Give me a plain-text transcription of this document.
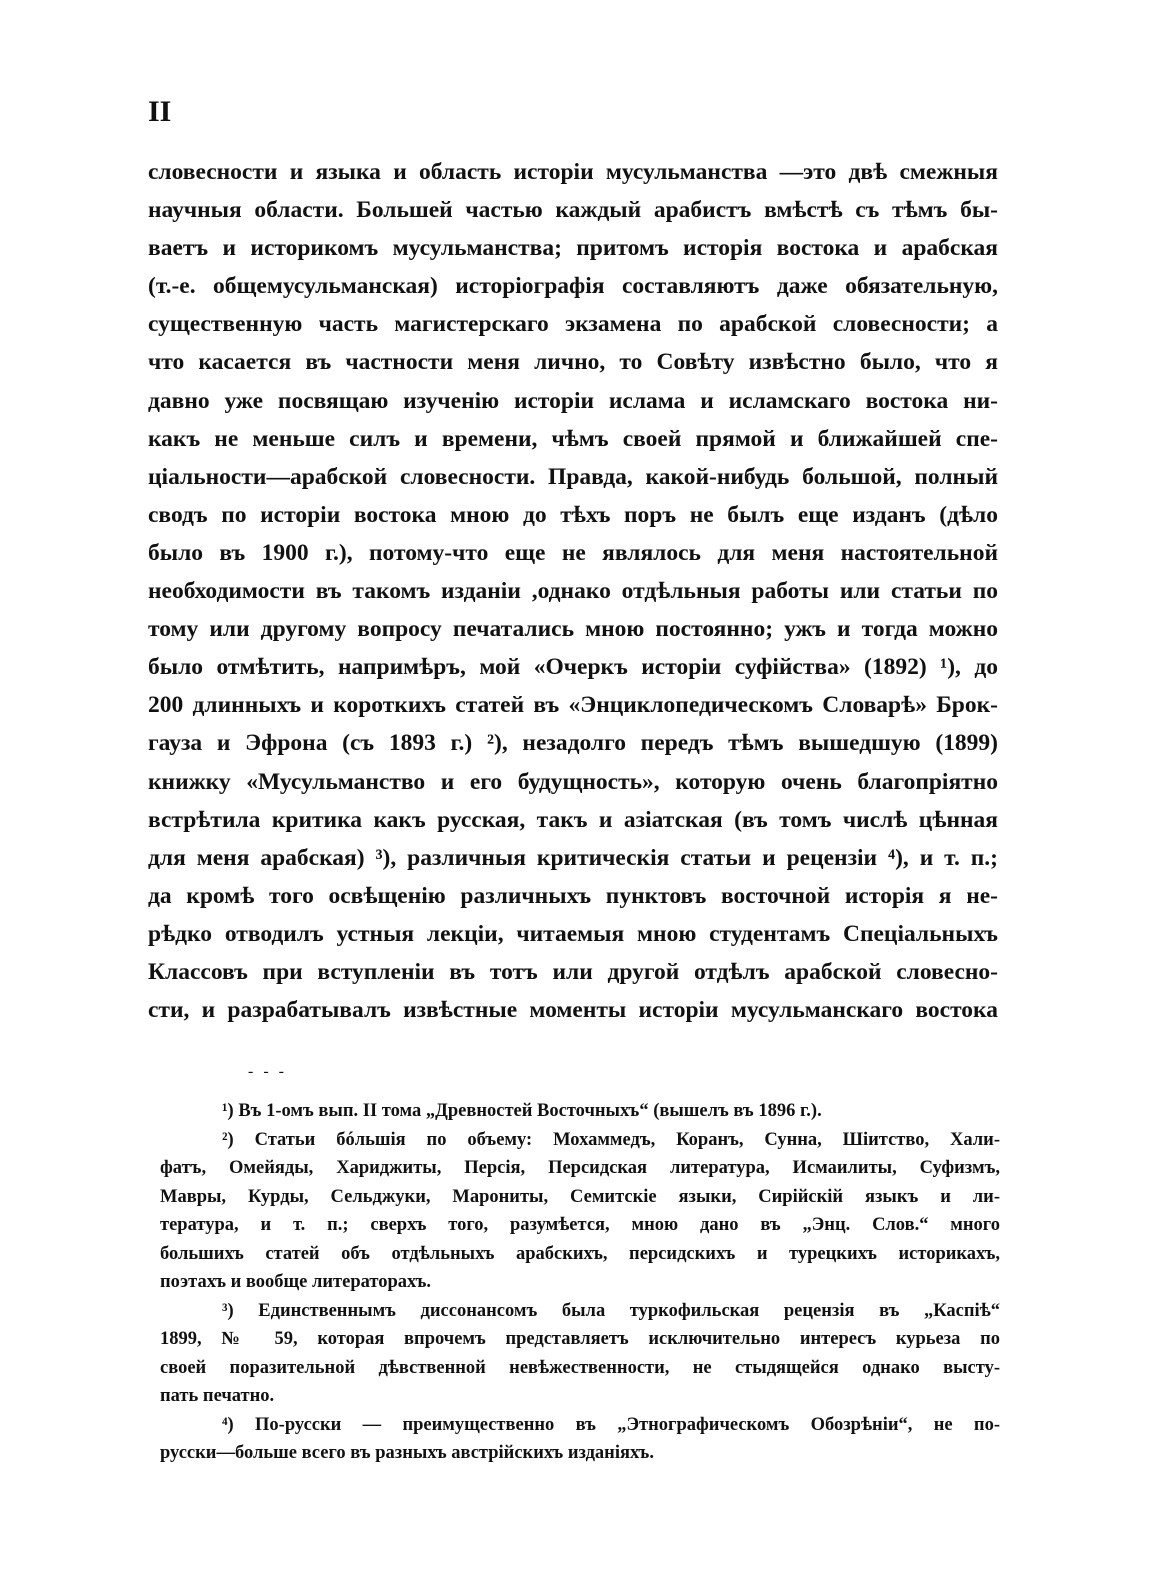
II
словесности и языка и область исторіи мусульманства —это двѣ смежныя
научныя области. Большей частью каждый арабистъ вмѣстѣ съ тѣмъ бы-
ваетъ и историкомъ мусульманства; притомъ исторія востока и арабская
(т.-е. общемусульманская) исторіографія составляютъ даже обязательную,
существенную часть магистерскаго экзамена по арабской словесности; а
что касается въ частности меня лично, то Совѣту извѣстно было, что я
давно уже посвящаю изученію исторіи ислама и исламскаго востока ни-
какъ не меньше силъ и времени, чѣмъ своей прямой и ближайшей спе-
ціальности—арабской словесности. Правда, какой-нибудь большой, полный
сводъ по исторіи востока мною до тѣхъ поръ не былъ еще изданъ (дѣло
было въ 1900 г.), потому-что еще не являлось для меня настоятельной
необходимости въ такомъ изданіи ,однако отдѣльныя работы или статьи по
тому или другому вопросу печатались мною постоянно; ужъ и тогда можно
было отмѣтить, напримѣръ, мой «Очеркъ исторіи суфійства» (1892) ¹), до
200 длинныхъ и короткихъ статей въ «Энциклопедическомъ Словарѣ» Брок-
гауза и Эфрона (съ 1893 г.) ²), незадолго передъ тѣмъ вышедшую (1899)
книжку «Мусульманство и его будущность», которую очень благопріятно
встрѣтила критика какъ русская, такъ и азіатская (въ томъ числѣ цѣнная
для меня арабская) ³), различныя критическія статьи и рецензіи ⁴), и т. п.;
да кромѣ того освѣщенію различныхъ пунктовъ восточной исторія я не-
рѣдко отводилъ устныя лекціи, читаемыя мною студентамъ Спеціальныхъ
Классовъ при вступленіи въ тотъ или другой отдѣлъ арабской словесно-
сти, и разрабатывалъ извѣстные моменты исторіи мусульманскаго востока
- - -
¹) Въ 1-омъ вып. II тома „Древностей Восточныхъ“ (вышелъ въ 1896 г.).
²) Статьи бóльшія по объему: Мохаммедъ, Коранъ, Сунна, Шіитство, Хали-
фатъ, Омейяды, Хариджиты, Персія, Персидская литература, Исмаилиты, Суфизмъ,
Мавры, Курды, Сельджуки, Марониты, Семитскіе языки, Сирійскій языкъ и ли-
тература, и т. п.; сверхъ того, разумѣется, мною дано въ „Энц. Слов.“ много
большихъ статей объ отдѣльныхъ арабскихъ, персидскихъ и турецкихъ историкахъ,
поэтахъ и вообще литераторахъ.
³) Единственнымъ диссонансомъ была туркофильская рецензія въ „Каспіѣ“
1899, № 59, которая впрочемъ представляетъ исключительно интересъ курьеза по
своей поразительной дѣвственной невѣжественности, не стыдящейся однако высту-
пать печатно.
⁴) По-русски — преимущественно въ „Этнографическомъ Обозрѣніи“, не по-
русски—больше всего въ разныхъ австрійскихъ изданіяхъ.
